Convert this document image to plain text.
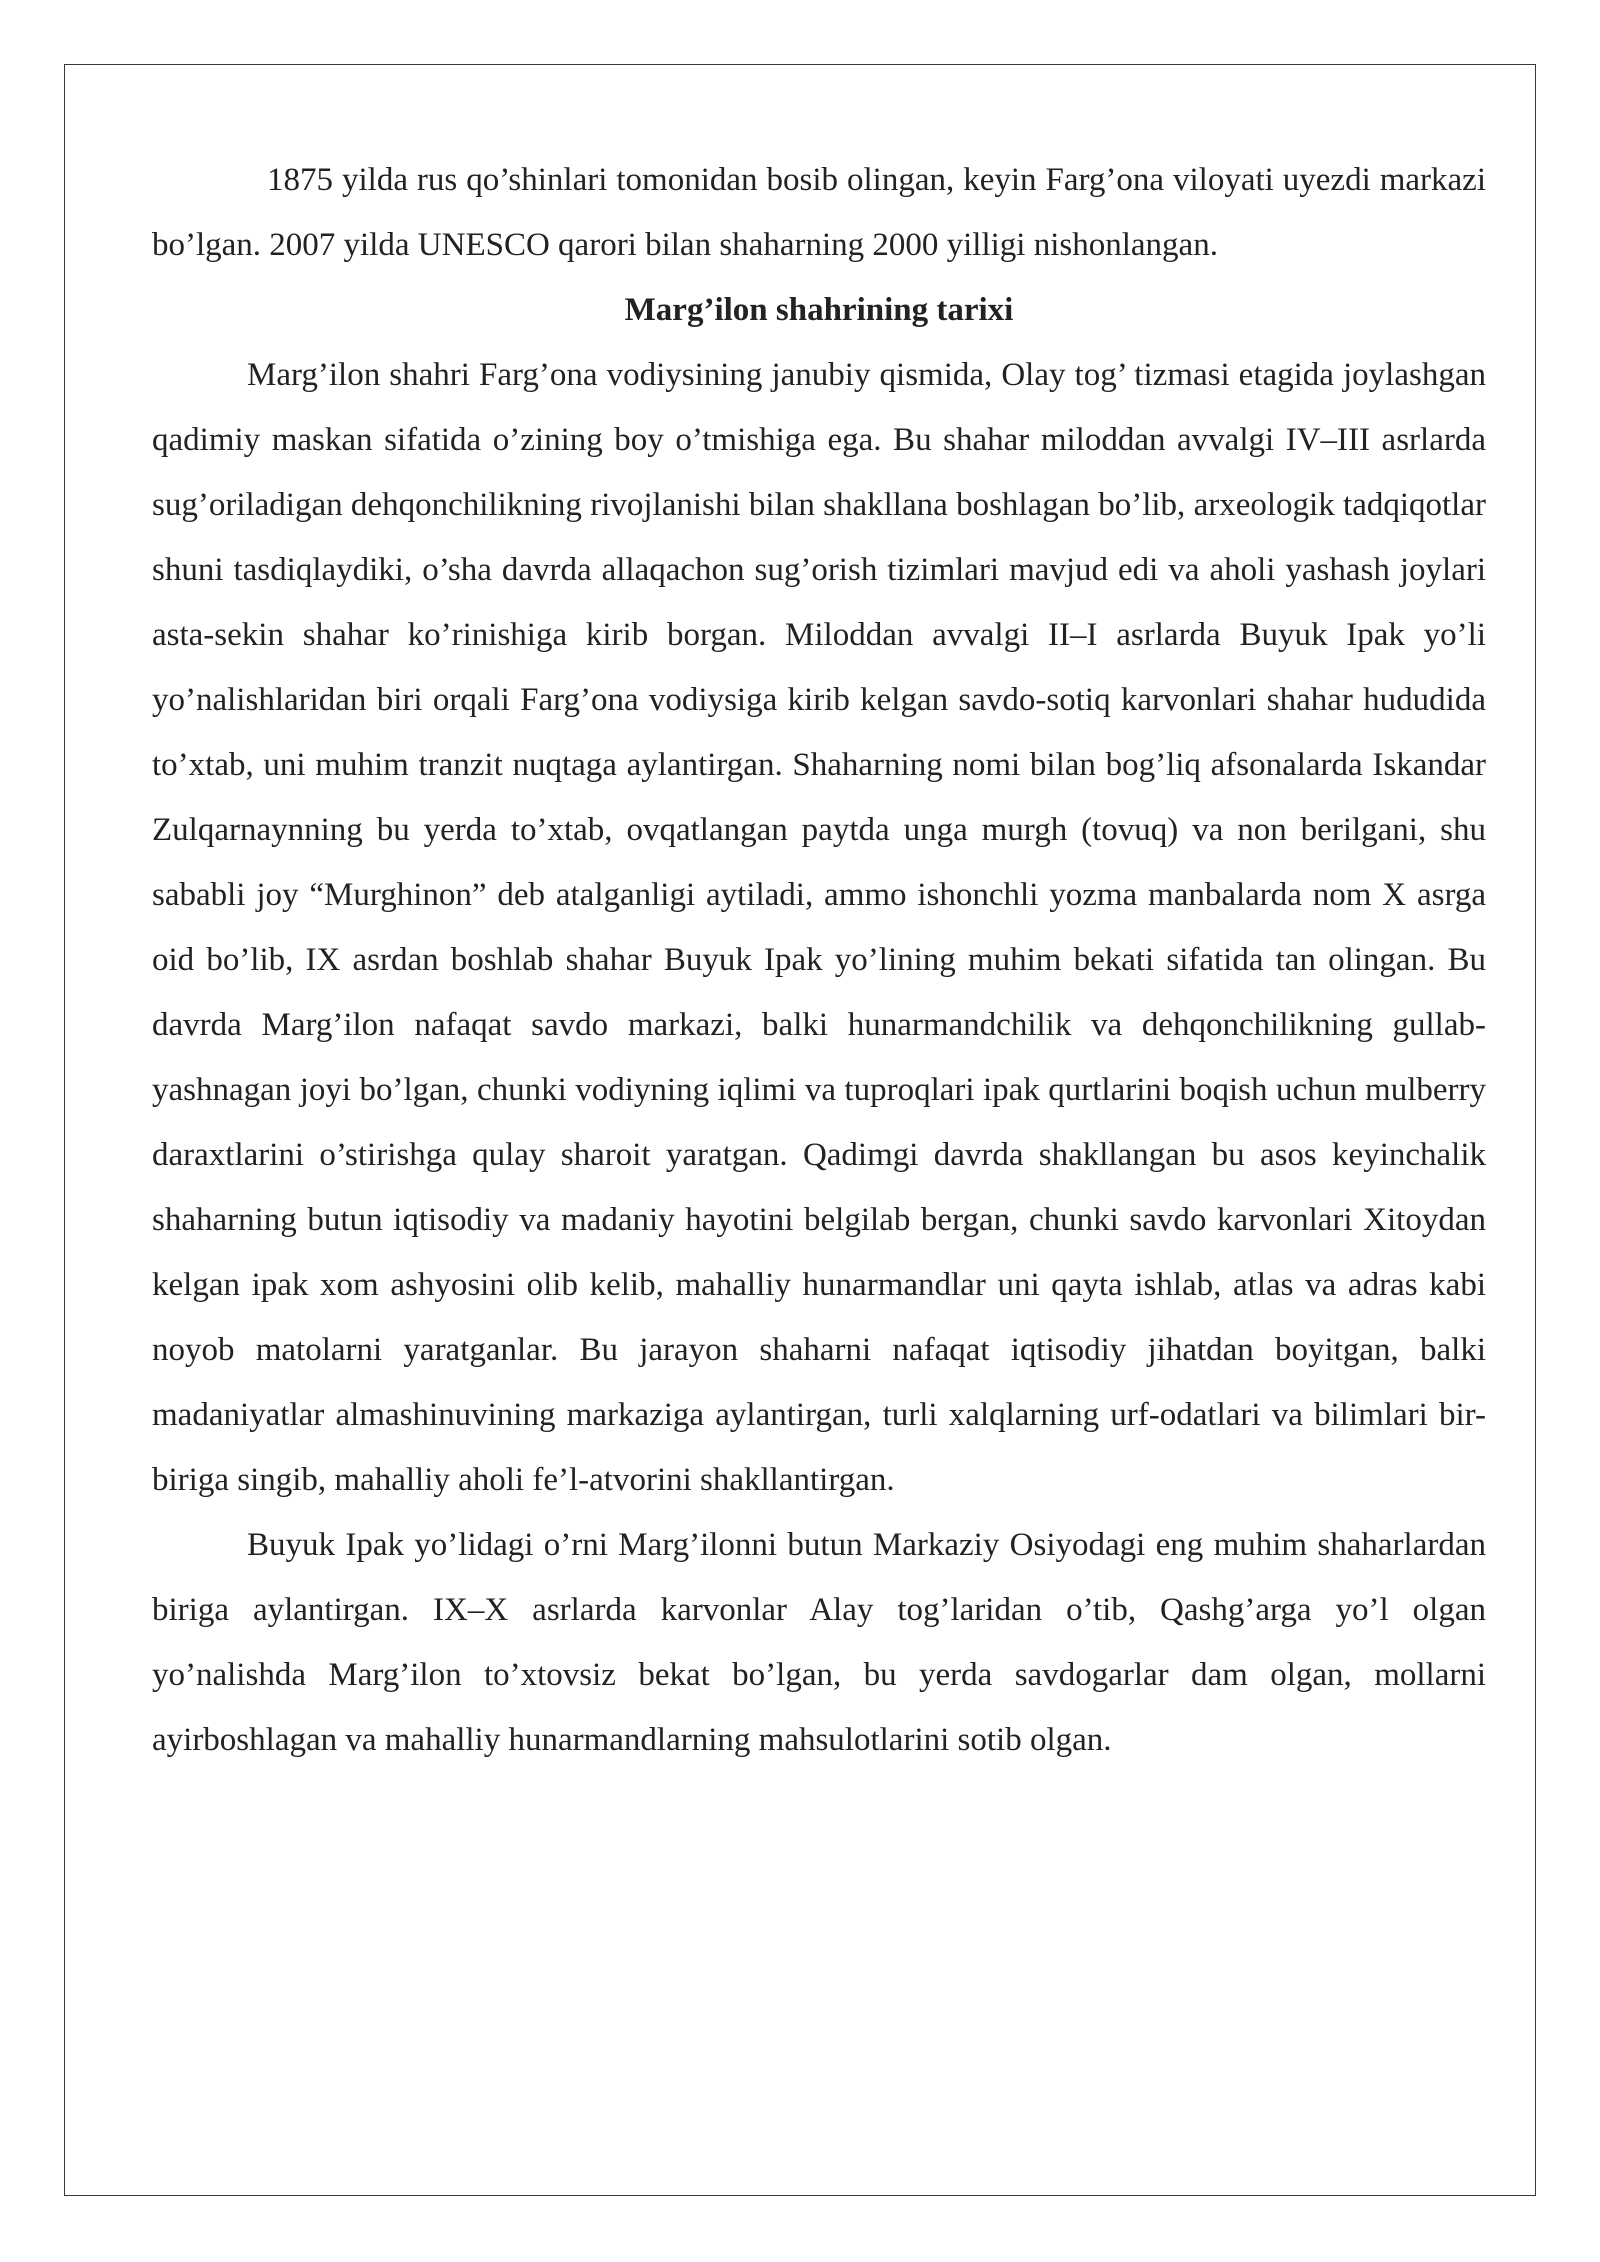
1875 yilda rus qo’shinlari tomonidan bosib olingan, keyin Farg’ona viloyati uyezdi markazi bo’lgan. 2007 yilda UNESCO qarori bilan shaharning 2000 yilligi nishonlangan.

Marg’ilon shahrining tarixi

Marg’ilon shahri Farg’ona vodiysining janubiy qismida, Olay tog’ tizmasi etagida joylashgan qadimiy maskan sifatida o’zining boy o’tmishiga ega. Bu shahar miloddan avvalgi IV–III asrlarda sug’oriladigan dehqonchilikning rivojlanishi bilan shakllana boshlagan bo’lib, arxeologik tadqiqotlar shuni tasdiqlaydiki, o’sha davrda allaqachon sug’orish tizimlari mavjud edi va aholi yashash joylari asta-sekin shahar ko’rinishiga kirib borgan. Miloddan avvalgi II–I asrlarda Buyuk Ipak yo’li yo’nalishlaridan biri orqali Farg’ona vodiysiga kirib kelgan savdo-sotiq karvonlari shahar hududida to’xtab, uni muhim tranzit nuqtaga aylantirgan. Shaharning nomi bilan bog’liq afsonalarda Iskandar Zulqarnaynning bu yerda to’xtab, ovqatlangan paytda unga murgh (tovuq) va non berilgani, shu sababli joy “Murghinon” deb atalganligi aytiladi, ammo ishonchli yozma manbalarda nom X asrga oid bo’lib, IX asrdan boshlab shahar Buyuk Ipak yo’lining muhim bekati sifatida tan olingan. Bu davrda Marg’ilon nafaqat savdo markazi, balki hunarmandchilik va dehqonchilikning gullab-yashnagan joyi bo’lgan, chunki vodiyning iqlimi va tuproqlari ipak qurtlarini boqish uchun mulberry daraxtlarini o’stirishga qulay sharoit yaratgan. Qadimgi davrda shakllangan bu asos keyinchalik shaharning butun iqtisodiy va madaniy hayotini belgilab bergan, chunki savdo karvonlari Xitoydan kelgan ipak xom ashyosini olib kelib, mahalliy hunarmandlar uni qayta ishlab, atlas va adras kabi noyob matolarni yaratganlar. Bu jarayon shaharni nafaqat iqtisodiy jihatdan boyitgan, balki madaniyatlar almashinuvining markaziga aylantirgan, turli xalqlarning urf-odatlari va bilimlari bir-biriga singib, mahalliy aholi fe’l-atvorini shakllantirgan.

Buyuk Ipak yo’lidagi o’rni Marg’ilonni butun Markaziy Osiyodagi eng muhim shaharlardan biriga aylantirgan. IX–X asrlarda karvonlar Alay tog’laridan o’tib, Qashg’arga yo’l olgan yo’nalishda Marg’ilon to’xtovsiz bekat bo’lgan, bu yerda savdogarlar dam olgan, mollarni ayirboshlagan va mahalliy hunarmandlarning mahsulotlarini sotib olgan.
